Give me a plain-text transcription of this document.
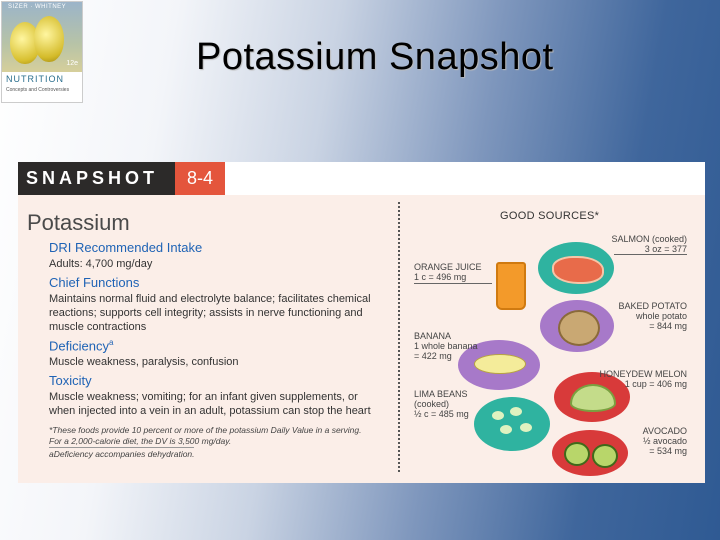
SIZER · WHITNEY
12e
NUTRITION
Concepts and Controversies
Potassium Snapshot
SNAPSHOT	8-4
Potassium
DRI Recommended Intake
Adults: 4,700 mg/day
Chief Functions
Maintains normal fluid and electrolyte balance; facilitates chemical
reactions; supports cell integrity; assists in nerve functioning and
muscle contractions
Deficiency$^a$
Muscle weakness, paralysis, confusion
Toxicity
Muscle weakness; vomiting; for an infant given supplements, or
when injected into a vein in an adult, potassium can stop the heart
*These foods provide 10 percent or more of the potassium Daily Value in a serving.
For a 2,000-calorie diet, the DV is 3,500 mg/day.
aDeficiency accompanies dehydration.
GOOD SOURCES*
SALMON (cooked)
3 oz = 377
ORANGE JUICE
1 c = 496 mg
BAKED POTATO
whole potato
= 844 mg
BANANA
1 whole banana
= 422 mg
HONEYDEW MELON
1 cup = 406 mg
LIMA BEANS
(cooked)
½ c = 485 mg
AVOCADO
½ avocado
= 534 mg
